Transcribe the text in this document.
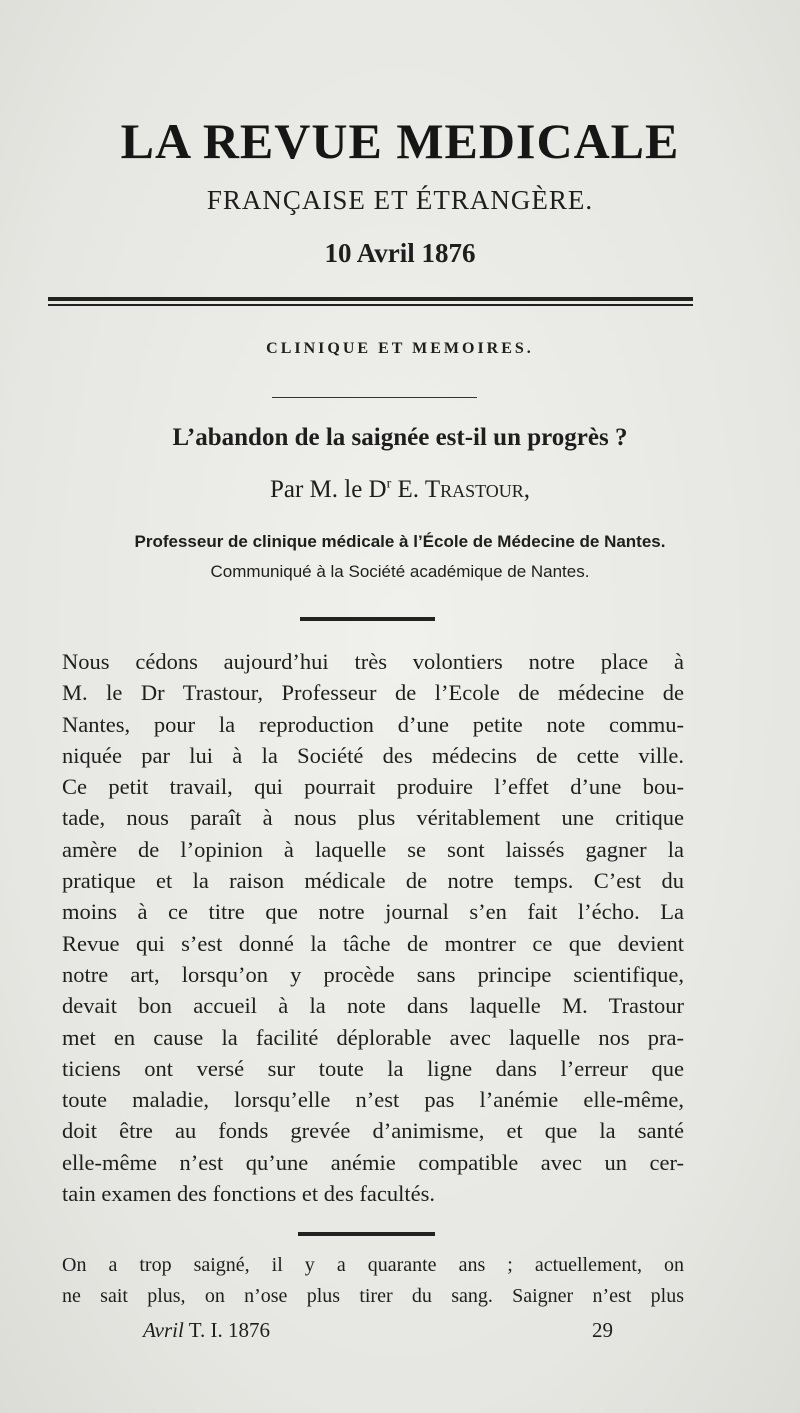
LA REVUE MEDICALE
FRANÇAISE ET ÉTRANGÈRE.
10 Avril 1876
CLINIQUE ET MEMOIRES.
L’abandon de la saignée est-il un progrès ?
Par M. le $D^r$ E. Trastour,
Professeur de clinique médicale à l’École de Médecine de Nantes.
Communiqué à la Société académique de Nantes.
Nous cédons aujourd’hui très volontiers notre place à
M. le Dr Trastour, Professeur de l’Ecole de médecine de
Nantes, pour la reproduction d’une petite note commu-
niquée par lui à la Société des médecins de cette ville.
Ce petit travail, qui pourrait produire l’effet d’une bou-
tade, nous paraît à nous plus véritablement une critique
amère de l’opinion à laquelle se sont laissés gagner la
pratique et la raison médicale de notre temps. C’est du
moins à ce titre que notre journal s’en fait l’écho. La
Revue qui s’est donné la tâche de montrer ce que devient
notre art, lorsqu’on y procède sans principe scientifique,
devait bon accueil à la note dans laquelle M. Trastour
met en cause la facilité déplorable avec laquelle nos pra-
ticiens ont versé sur toute la ligne dans l’erreur que
toute maladie, lorsqu’elle n’est pas l’anémie elle-même,
doit être au fonds grevée d’animisme, et que la santé
elle-même n’est qu’une anémie compatible avec un cer-
tain examen des fonctions et des facultés.
On a trop saigné, il y a quarante ans ; actuellement, on
ne sait plus, on n’ose plus tirer du sang. Saigner n’est plus
Avril T. I. 1876	29
